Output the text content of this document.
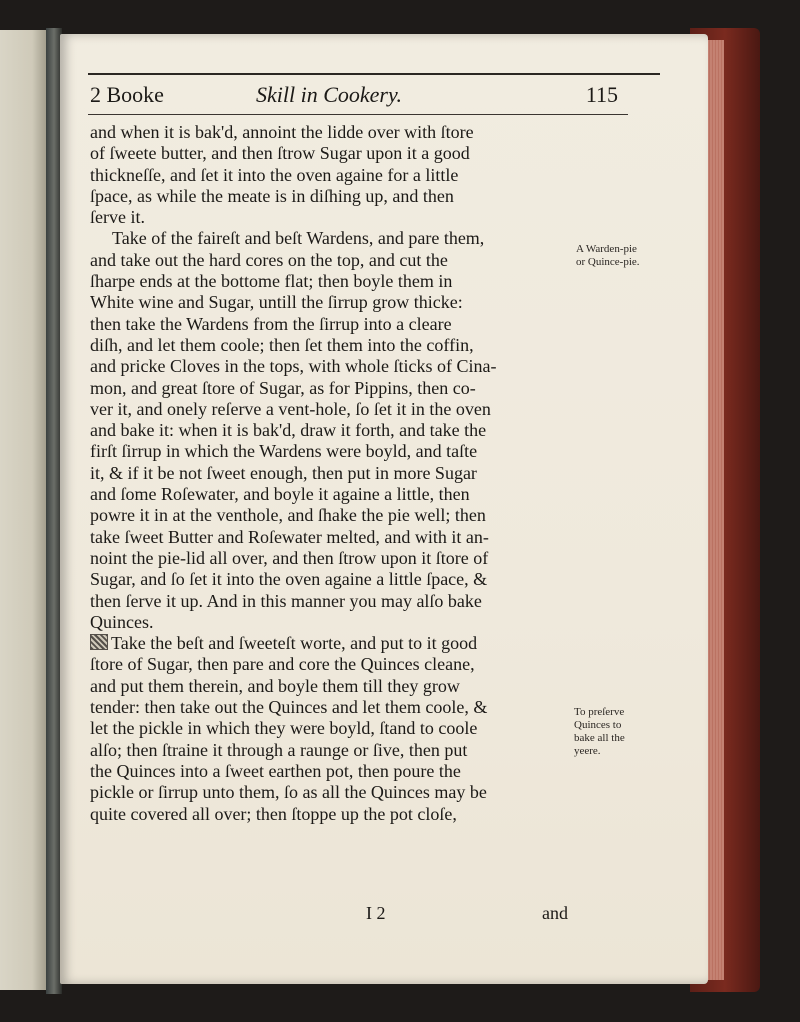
2 Booke	Skill in Cookery.	115
and when it is bak'd, annoint the lidde over with ſtore
of ſweete butter, and then ſtrow Sugar upon it a good
thickneſſe, and ſet it into the oven againe for a little
ſpace, as while the meate is in diſhing up, and then
ſerve it.
Take of the faireſt and beſt Wardens, and pare them,
and take out the hard cores on the top, and cut the
ſharpe ends at the bottome flat; then boyle them in
White wine and Sugar, untill the ſirrup grow thicke:
then take the Wardens from the ſirrup into a cleare
diſh, and let them coole; then ſet them into the coffin,
and pricke Cloves in the tops, with whole ſticks of Cina-
mon, and great ſtore of Sugar, as for Pippins, then co-
ver it, and onely reſerve a vent-hole, ſo ſet it in the oven
and bake it: when it is bak'd, draw it forth, and take the
firſt ſirrup in which the Wardens were boyld, and taſte
it, & if it be not ſweet enough, then put in more Sugar
and ſome Roſewater, and boyle it againe a little, then
powre it in at the venthole, and ſhake the pie well; then
take ſweet Butter and Roſewater melted, and with it an-
noint the pie-lid all over, and then ſtrow upon it ſtore of
Sugar, and ſo ſet it into the oven againe a little ſpace, &
then ſerve it up. And in this manner you may alſo bake
Quinces.
Take the beſt and ſweeteſt worte, and put to it good
ſtore of Sugar, then pare and core the Quinces cleane,
and put them therein, and boyle them till they grow
tender: then take out the Quinces and let them coole, &
let the pickle in which they were boyld, ſtand to coole
alſo; then ſtraine it through a raunge or ſive, then put
the Quinces into a ſweet earthen pot, then poure the
pickle or ſirrup unto them, ſo as all the Quinces may be
quite covered all over; then ſtoppe up the pot cloſe,
A Warden-pie
or Quince-pie.
To preſerve
Quinces to
bake all the
yeere.
I 2	and
